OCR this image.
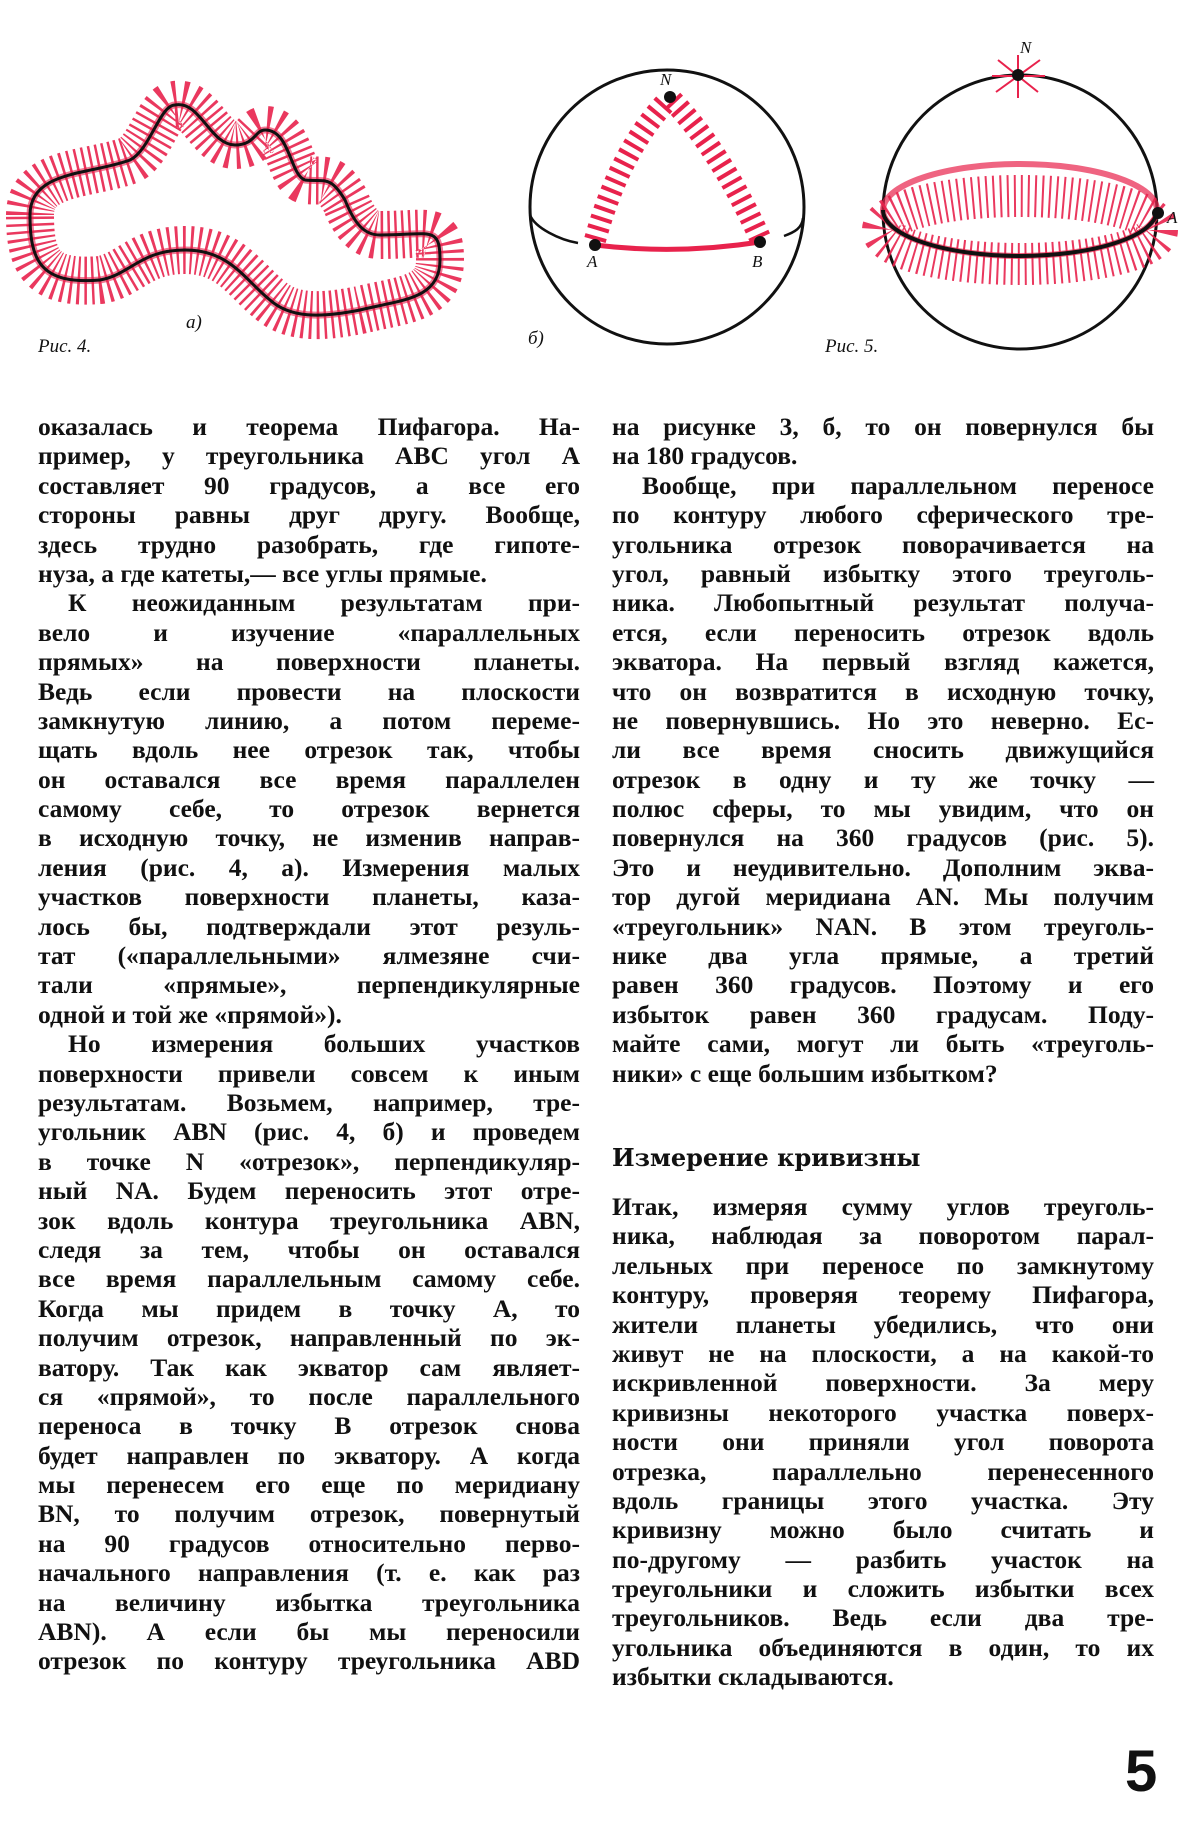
Рис. 4.
а)
б)	Рис. 5.
N
A	B
N
A
оказалась и теорема Пифагора. На-
пример, у треугольника ABC угол A
составляет 90 градусов, а все его
стороны равны друг другу. Вообще,
здесь трудно разобрать, где гипоте-
нуза, а где катеты,— все углы прямые.
К неожиданным результатам при-
вело и изучение «параллельных
прямых» на поверхности планеты.
Ведь если провести на плоскости
замкнутую линию, а потом переме-
щать вдоль нее отрезок так, чтобы
он оставался все время параллелен
самому себе, то отрезок вернется
в исходную точку, не изменив направ-
ления (рис. 4, а). Измерения малых
участков поверхности планеты, каза-
лось бы, подтверждали этот резуль-
тат («параллельными» ялмезяне счи-
тали «прямые», перпендикулярные
одной и той же «прямой»).
Но измерения больших участков
поверхности привели совсем к иным
результатам. Возьмем, например, тре-
угольник ABN (рис. 4, б) и проведем
в точке N «отрезок», перпендикуляр-
ный NA. Будем переносить этот отре-
зок вдоль контура треугольника ABN,
следя за тем, чтобы он оставался
все время параллельным самому себе.
Когда мы придем в точку A, то
получим отрезок, направленный по эк-
ватору. Так как экватор сам являет-
ся «прямой», то после параллельного
переноса в точку B отрезок снова
будет направлен по экватору. А когда
мы перенесем его еще по меридиану
BN, то получим отрезок, повернутый
на 90 градусов относительно перво-
начального направления (т. е. как раз
на величину избытка треугольника
ABN). А если бы мы переносили
отрезок по контуру треугольника ABD
на рисунке 3, б, то он повернулся бы
на 180 градусов.
Вообще, при параллельном переносе
по контуру любого сферического тре-
угольника отрезок поворачивается на
угол, равный избытку этого треуголь-
ника. Любопытный результат получа-
ется, если переносить отрезок вдоль
экватора. На первый взгляд кажется,
что он возвратится в исходную точку,
не повернувшись. Но это неверно. Ес-
ли все время сносить движущийся
отрезок в одну и ту же точку —
полюс сферы, то мы увидим, что он
повернулся на 360 градусов (рис. 5).
Это и неудивительно. Дополним эква-
тор дугой меридиана AN. Мы получим
«треугольник» NAN. В этом треуголь-
нике два угла прямые, а третий
равен 360 градусов. Поэтому и его
избыток равен 360 градусам. Поду-
майте сами, могут ли быть «треуголь-
ники» с еще большим избытком?
Измерение кривизны
Итак, измеряя сумму углов треуголь-
ника, наблюдая за поворотом парал-
лельных при переносе по замкнутому
контуру, проверяя теорему Пифагора,
жители планеты убедились, что они
живут не на плоскости, а на какой-то
искривленной поверхности. За меру
кривизны некоторого участка поверх-
ности они приняли угол поворота
отрезка, параллельно перенесенного
вдоль границы этого участка. Эту
кривизну можно было считать и
по-другому — разбить участок на
треугольники и сложить избытки всех
треугольников. Ведь если два тре-
угольника объединяются в один, то их
избытки складываются.
5
